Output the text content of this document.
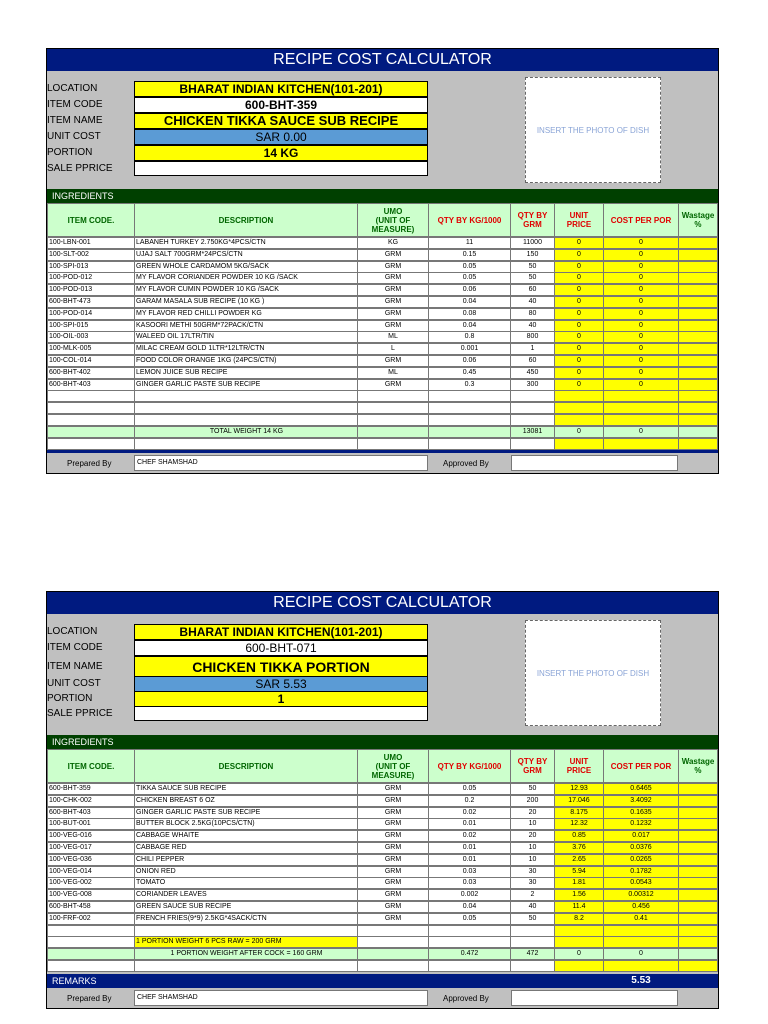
RECIPE COST CALCULATOR
LOCATION	BHARAT INDIAN KITCHEN(101-201)
ITEM CODE	600-BHT-359
ITEM NAME	CHICKEN TIKKA SAUCE SUB RECIPE
UNIT COST	SAR 0.00
PORTION	14 KG
SALE PPRICE
INSERT THE PHOTO OF DISH
INGREDIENTS
Prepared By	CHEF SHAMSHAD	Approved By
ITEM CODE.	DESCRIPTION
UMO
(UNIT OF
MEASURE)
QTY BY KG/1000	QTY BY
GRM
UNIT
PRICE	COST PER POR	Wastage
%
100-LBN-001	LABANEH TURKEY 2.750KG*4PCS/CTN	KG	11	11000	0	0
100-SLT-002	UJAJ SALT 700GRM*24PCS/CTN	GRM	0.15	150	0	0
100-SPI-013	GREEN WHOLE CARDAMOM 5KG/SACK	GRM	0.05	50	0	0
100-POD-012	MY FLAVOR CORIANDER POWDER 10 KG /SACK	GRM	0.05	50	0	0
100-POD-013	MY FLAVOR CUMIN POWDER 10 KG /SACK	GRM	0.06	60	0	0
600-BHT-473	GARAM MASALA SUB RECIPE (10 KG )	GRM	0.04	40	0	0
100-POD-014	MY FLAVOR RED CHILLI POWDER KG	GRM	0.08	80	0	0
100-SPI-015	KASOORI METHI 50GRM*72PACK/CTN	GRM	0.04	40	0	0
100-OIL-003	WALEED OIL 17LTR/TIN	ML	0.8	800	0	0
100-MLK-005	MILAC CREAM GOLD 1LTR*12LTR/CTN	L	0.001	1	0	0
100-COL-014	FOOD COLOR ORANGE 1KG (24PCS/CTN)	GRM	0.06	60	0	0
600-BHT-402	LEMON JUICE SUB RECIPE	ML	0.45	450	0	0
600-BHT-403	GINGER GARLIC PASTE SUB RECIPE	GRM	0.3	300	0	0
TOTAL WEIGHT 14 KG	13081	0	0
RECIPE COST CALCULATOR
LOCATION	BHARAT INDIAN KITCHEN(101-201)
ITEM CODE	600-BHT-071
ITEM NAME	CHICKEN TIKKA PORTION
UNIT COST	SAR 5.53
PORTION	1
SALE PPRICE
INSERT THE PHOTO OF DISH
INGREDIENTS
REMARKS	5.53
Prepared By	CHEF SHAMSHAD	Approved By
ITEM CODE.	DESCRIPTION
UMO
(UNIT OF
MEASURE)
QTY BY KG/1000	QTY BY
GRM
UNIT
PRICE	COST PER POR	Wastage
%
600-BHT-359	TIKKA SAUCE SUB RECIPE	GRM	0.05	50	12.93	0.6465
100-CHK-002	CHICKEN BREAST 6 OZ	GRM	0.2	200	17.046	3.4092
600-BHT-403	GINGER GARLIC PASTE SUB RECIPE	GRM	0.02	20	8.175	0.1635
100-BUT-001	BUTTER BLOCK 2.5KG(10PCS/CTN)	GRM	0.01	10	12.32	0.1232
100-VEG-016	CABBAGE WHAITE	GRM	0.02	20	0.85	0.017
100-VEG-017	CABBAGE RED	GRM	0.01	10	3.76	0.0376
100-VEG-036	CHILI PEPPER	GRM	0.01	10	2.65	0.0265
100-VEG-014	ONION RED	GRM	0.03	30	5.94	0.1782
100-VEG-002	TOMATO	GRM	0.03	30	1.81	0.0543
100-VEG-008	CORIANDER LEAVES	GRM	0.002	2	1.56	0.00312
600-BHT-458	GREEN SAUCE SUB RECIPE	GRM	0.04	40	11.4	0.456
100-FRF-002	FRENCH FRIES(9*9) 2.5KG*4SACK/CTN	GRM	0.05	50	8.2	0.41
1 PORTION WEIGHT 6 PCS RAW = 200 GRM
1 PORTION WEIGHT AFTER COCK = 160 GRM	0.472	472	0	0
